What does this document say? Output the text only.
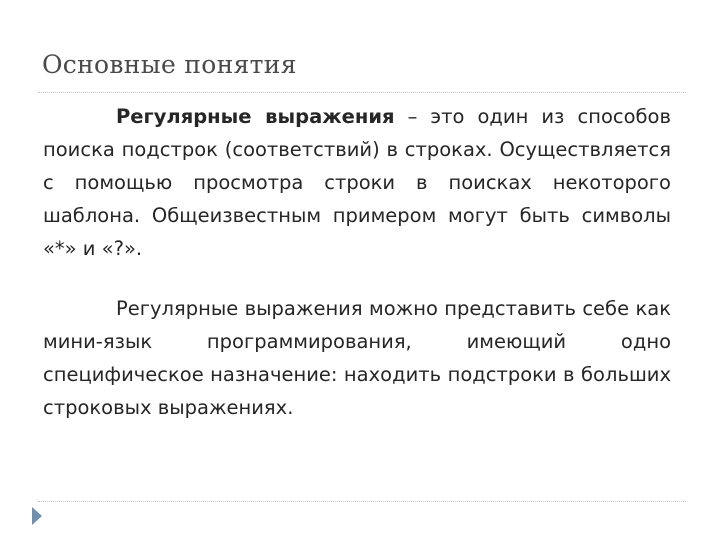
Основные понятия

Регулярные выражения – это один из способов поиска подстрок (соответствий) в строках. Осуществляется с помощью просмотра строки в поисках некоторого шаблона. Общеизвестным примером могут быть символы «*» и «?».

Регулярные выражения можно представить себе как мини-язык программирования, имеющий одно специфическое назначение: находить подстроки в больших строковых выражениях.
